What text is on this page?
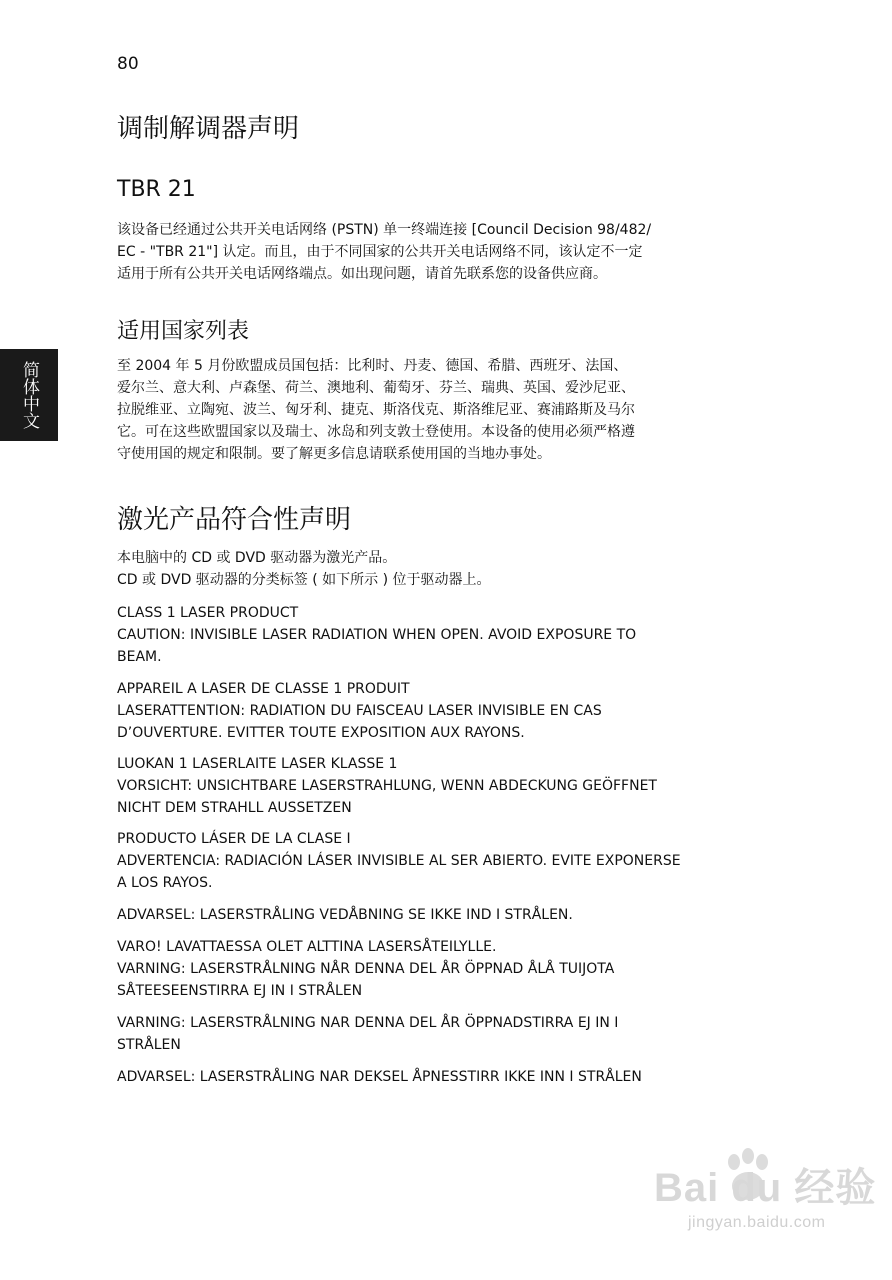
80
简体中文
调制解调器声明
TBR 21
该设备已经通过公共开关电话网络 (PSTN) 单一终端连接 [Council Decision 98/482/
EC - "TBR 21"] 认定。而且，由于不同国家的公共开关电话网络不同，该认定不一定
适用于所有公共开关电话网络端点。如出现问题，请首先联系您的设备供应商。
适用国家列表
至 2004 年 5 月份欧盟成员国包括：比利时、丹麦、德国、希腊、西班牙、法国、
爱尔兰、意大利、卢森堡、荷兰、澳地利、葡萄牙、芬兰、瑞典、英国、爱沙尼亚、
拉脱维亚、立陶宛、波兰、匈牙利、捷克、斯洛伐克、斯洛维尼亚、赛浦路斯及马尔
它。可在这些欧盟国家以及瑞士、冰岛和列支敦士登使用。本设备的使用必须严格遵
守使用国的规定和限制。要了解更多信息请联系使用国的当地办事处。
激光产品符合性声明
本电脑中的 CD 或 DVD 驱动器为激光产品。
CD 或 DVD 驱动器的分类标签 ( 如下所示 ) 位于驱动器上。
CLASS 1 LASER PRODUCT
CAUTION: INVISIBLE LASER RADIATION WHEN OPEN. AVOID EXPOSURE TO
BEAM.
APPAREIL A LASER DE CLASSE 1 PRODUIT
LASERATTENTION: RADIATION DU FAISCEAU LASER INVISIBLE EN CAS
D’OUVERTURE. EVITTER TOUTE EXPOSITION AUX RAYONS.
LUOKAN 1 LASERLAITE LASER KLASSE 1
VORSICHT: UNSICHTBARE LASERSTRAHLUNG, WENN ABDECKUNG GEÖFFNET
NICHT DEM STRAHLL AUSSETZEN
PRODUCTO LÁSER DE LA CLASE I
ADVERTENCIA: RADIACIÓN LÁSER INVISIBLE AL SER ABIERTO. EVITE EXPONERSE
A LOS RAYOS.
ADVARSEL: LASERSTRÅLING VEDÅBNING SE IKKE IND I STRÅLEN.
VARO! LAVATTAESSA OLET ALTTINA LASERSÅTEILYLLE.
VARNING: LASERSTRÅLNING NÅR DENNA DEL ÅR ÖPPNAD ÅLÅ TUIJOTA
SÅTEESEENSTIRRA EJ IN I STRÅLEN
VARNING: LASERSTRÅLNING NAR DENNA DEL ÅR ÖPPNADSTIRRA EJ IN I
STRÅLEN
ADVARSEL: LASERSTRÅLING NAR DEKSEL ÅPNESSTIRR IKKE INN I STRÅLEN
Bai du 经验
jingyan.baidu.com
